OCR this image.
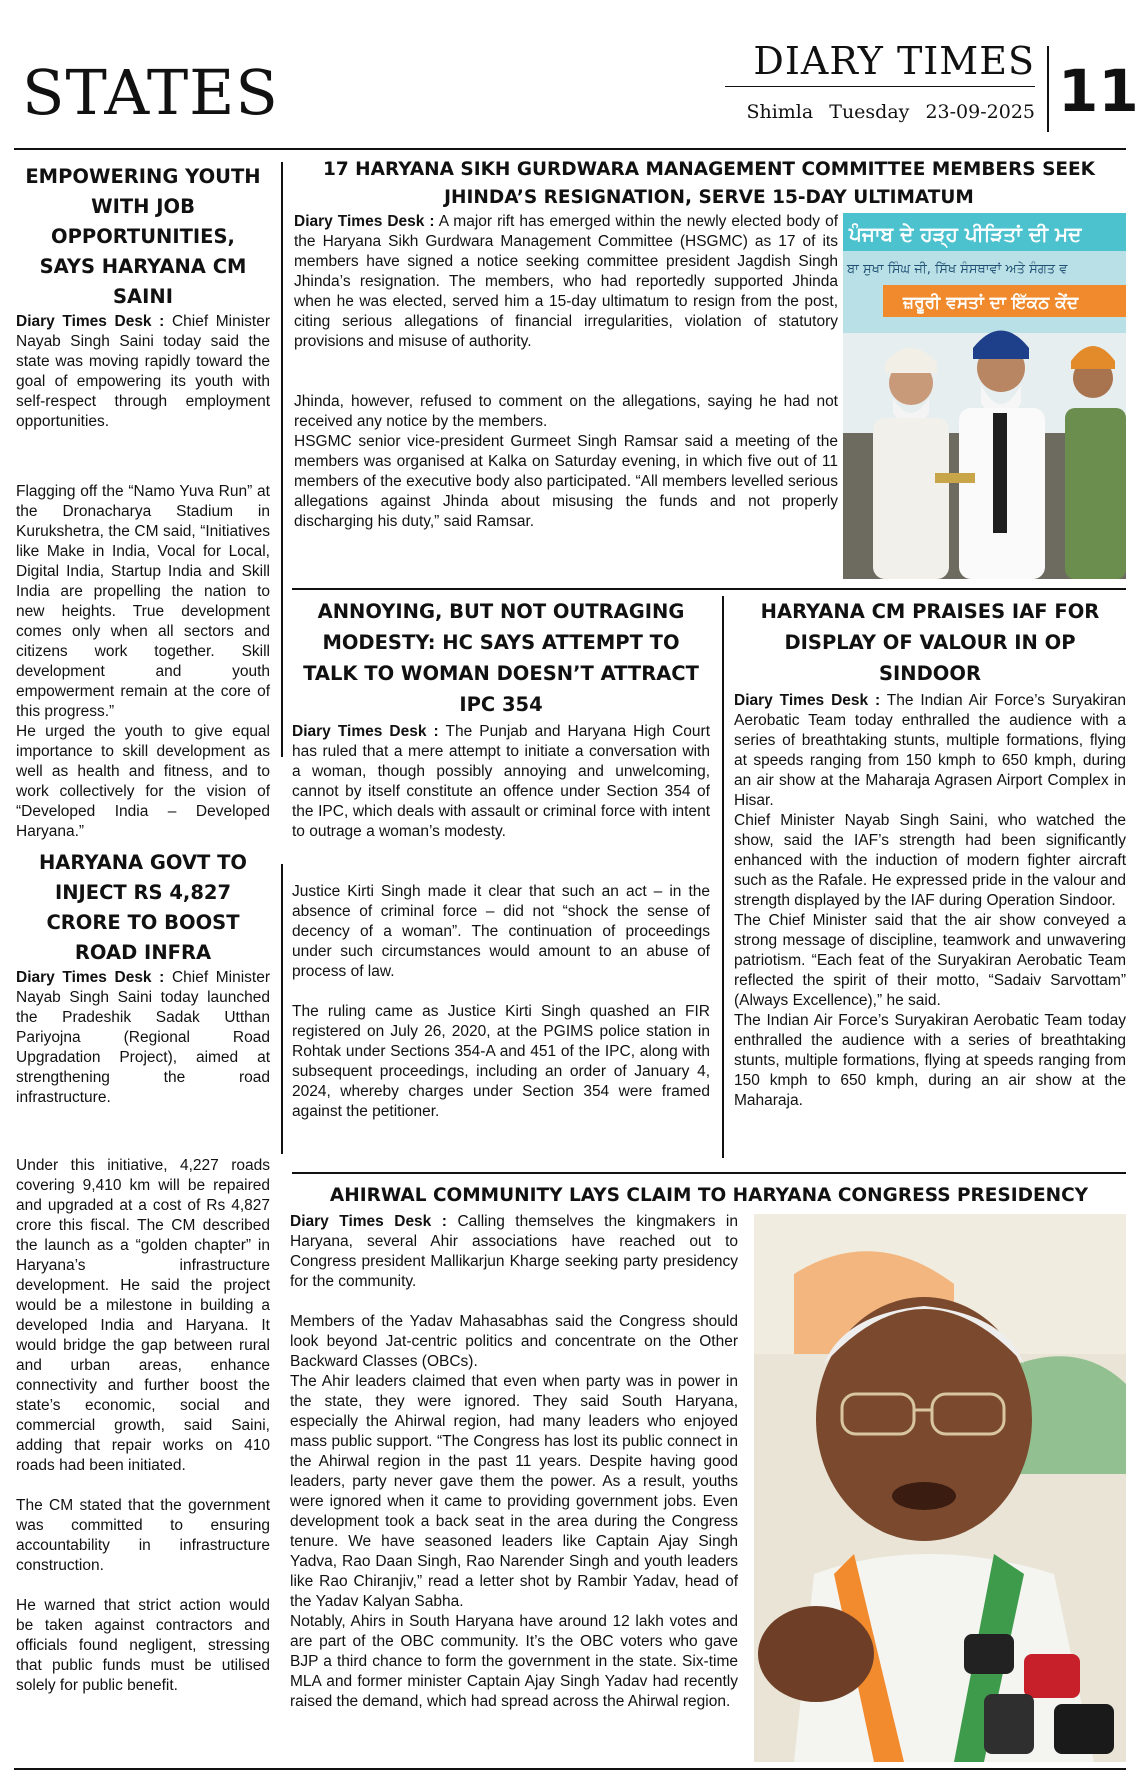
STATES	DIARY TIMES
Shimla Tuesday 23-09-2025 11
EMPOWERING YOUTH WITH JOB OPPORTUNITIES, SAYS HARYANA CM SAINI

Diary Times Desk : Chief Minister Nayab Singh Saini today said the state was moving rapidly toward the goal of empowering its youth with self-respect through employment opportunities.

Flagging off the “Namo Yuva Run” at the Dronacharya Stadium in Kurukshetra, the CM said, “Initiatives like Make in India, Vocal for Local, Digital India, Startup India and Skill India are propelling the nation to new heights. True development comes only when all sectors and citizens work together. Skill development and youth empowerment remain at the core of this progress.”

He urged the youth to give equal importance to skill development as well as health and fitness, and to work collectively for the vision of “Developed India – Developed Haryana.”

HARYANA GOVT TO INJECT RS 4,827 CRORE TO BOOST ROAD INFRA

Diary Times Desk : Chief Minister Nayab Singh Saini today launched the Pradeshik Sadak Utthan Pariyojna (Regional Road Upgradation Project), aimed at strengthening the road infrastructure.

Under this initiative, 4,227 roads covering 9,410 km will be repaired and upgraded at a cost of Rs 4,827 crore this fiscal. The CM described the launch as a “golden chapter” in Haryana’s infrastructure development. He said the project would be a milestone in building a developed India and Haryana. It would bridge the gap between rural and urban areas, enhance connectivity and further boost the state’s economic, social and commercial growth, said Saini, adding that repair works on 410 roads had been initiated.

The CM stated that the government was committed to ensuring accountability in infrastructure construction.

He warned that strict action would be taken against contractors and officials found negligent, stressing that public funds must be utilised solely for public benefit.

17 HARYANA SIKH GURDWARA MANAGEMENT COMMITTEE MEMBERS SEEK JHINDA’S RESIGNATION, SERVE 15-DAY ULTIMATUM

Diary Times Desk : A major rift has emerged within the newly elected body of the Haryana Sikh Gurdwara Management Committee (HSGMC) as 17 of its members have signed a notice seeking committee president Jagdish Singh Jhinda’s resignation. The members, who had reportedly supported Jhinda when he was elected, served him a 15-day ultimatum to resign from the post, citing serious allegations of financial irregularities, violation of statutory provisions and misuse of authority.

Jhinda, however, refused to comment on the allegations, saying he had not received any notice by the members.

HSGMC senior vice-president Gurmeet Singh Ramsar said a meeting of the members was organised at Kalka on Saturday evening, in which five out of 11 members of the executive body also participated. “All members levelled serious allegations against Jhinda about misusing the funds and not properly discharging his duty,” said Ramsar.

ਪੰਜਾਬ ਦੇ ਹੜ੍ਹ ਪੀੜਿਤਾਂ ਦੀ ਮਦ
ਬਾ ਸੁਖਾ ਸਿੰਘ ਜੀ, ਸਿੱਖ ਸੰਸਥਾਵਾਂ ਅਤੇ ਸੰਗਤ ਵ
ਜ਼ਰੂਰੀ ਵਸਤਾਂ ਦਾ ਇੱਕਠ ਕੇਂਦ
ANNOYING, BUT NOT OUTRAGING MODESTY: HC SAYS ATTEMPT TO TALK TO WOMAN DOESN’T ATTRACT IPC 354

Diary Times Desk : The Punjab and Haryana High Court has ruled that a mere attempt to initiate a conversation with a woman, though possibly annoying and unwelcoming, cannot by itself constitute an offence under Section 354 of the IPC, which deals with assault or criminal force with intent to outrage a woman’s modesty.

Justice Kirti Singh made it clear that such an act – in the absence of criminal force – did not “shock the sense of decency of a woman”. The continuation of proceedings under such circumstances would amount to an abuse of process of law.

The ruling came as Justice Kirti Singh quashed an FIR registered on July 26, 2020, at the PGIMS police station in Rohtak under Sections 354-A and 451 of the IPC, along with subsequent proceedings, including an order of January 4, 2024, whereby charges under Section 354 were framed against the petitioner.

HARYANA CM PRAISES IAF FOR DISPLAY OF VALOUR IN OP SINDOOR

Diary Times Desk : The Indian Air Force’s Suryakiran Aerobatic Team today enthralled the audience with a series of breathtaking stunts, multiple formations, flying at speeds ranging from 150 kmph to 650 kmph, during an air show at the Maharaja Agrasen Airport Complex in Hisar.

Chief Minister Nayab Singh Saini, who watched the show, said the IAF’s strength had been significantly enhanced with the induction of modern fighter aircraft such as the Rafale. He expressed pride in the valour and strength displayed by the IAF during Operation Sindoor.

The Chief Minister said that the air show conveyed a strong message of discipline, teamwork and unwavering patriotism. “Each feat of the Suryakiran Aerobatic Team reflected the spirit of their motto, “Sadaiv Sarvottam” (Always Excellence),” he said.

The Indian Air Force’s Suryakiran Aerobatic Team today enthralled the audience with a series of breathtaking stunts, multiple formations, flying at speeds ranging from 150 kmph to 650 kmph, during an air show at the Maharaja.

AHIRWAL COMMUNITY LAYS CLAIM TO HARYANA CONGRESS PRESIDENCY

Diary Times Desk : Calling themselves the kingmakers in Haryana, several Ahir associations have reached out to Congress president Mallikarjun Kharge seeking party presidency for the community.

Members of the Yadav Mahasabhas said the Congress should look beyond Jat-centric politics and concentrate on the Other Backward Classes (OBCs).

The Ahir leaders claimed that even when party was in power in the state, they were ignored. They said South Haryana, especially the Ahirwal region, had many leaders who enjoyed mass public support. “The Congress has lost its public connect in the Ahirwal region in the past 11 years. Despite having good leaders, party never gave them the power. As a result, youths were ignored when it came to providing government jobs. Even development took a back seat in the area during the Congress tenure. We have seasoned leaders like Captain Ajay Singh Yadva, Rao Daan Singh, Rao Narender Singh and youth leaders like Rao Chiranjiv,” read a letter shot by Rambir Yadav, head of the Yadav Kalyan Sabha.

Notably, Ahirs in South Haryana have around 12 lakh votes and are part of the OBC community. It’s the OBC voters who gave BJP a third chance to form the government in the state. Six-time MLA and former minister Captain Ajay Singh Yadav had recently raised the demand, which had spread across the Ahirwal region.
